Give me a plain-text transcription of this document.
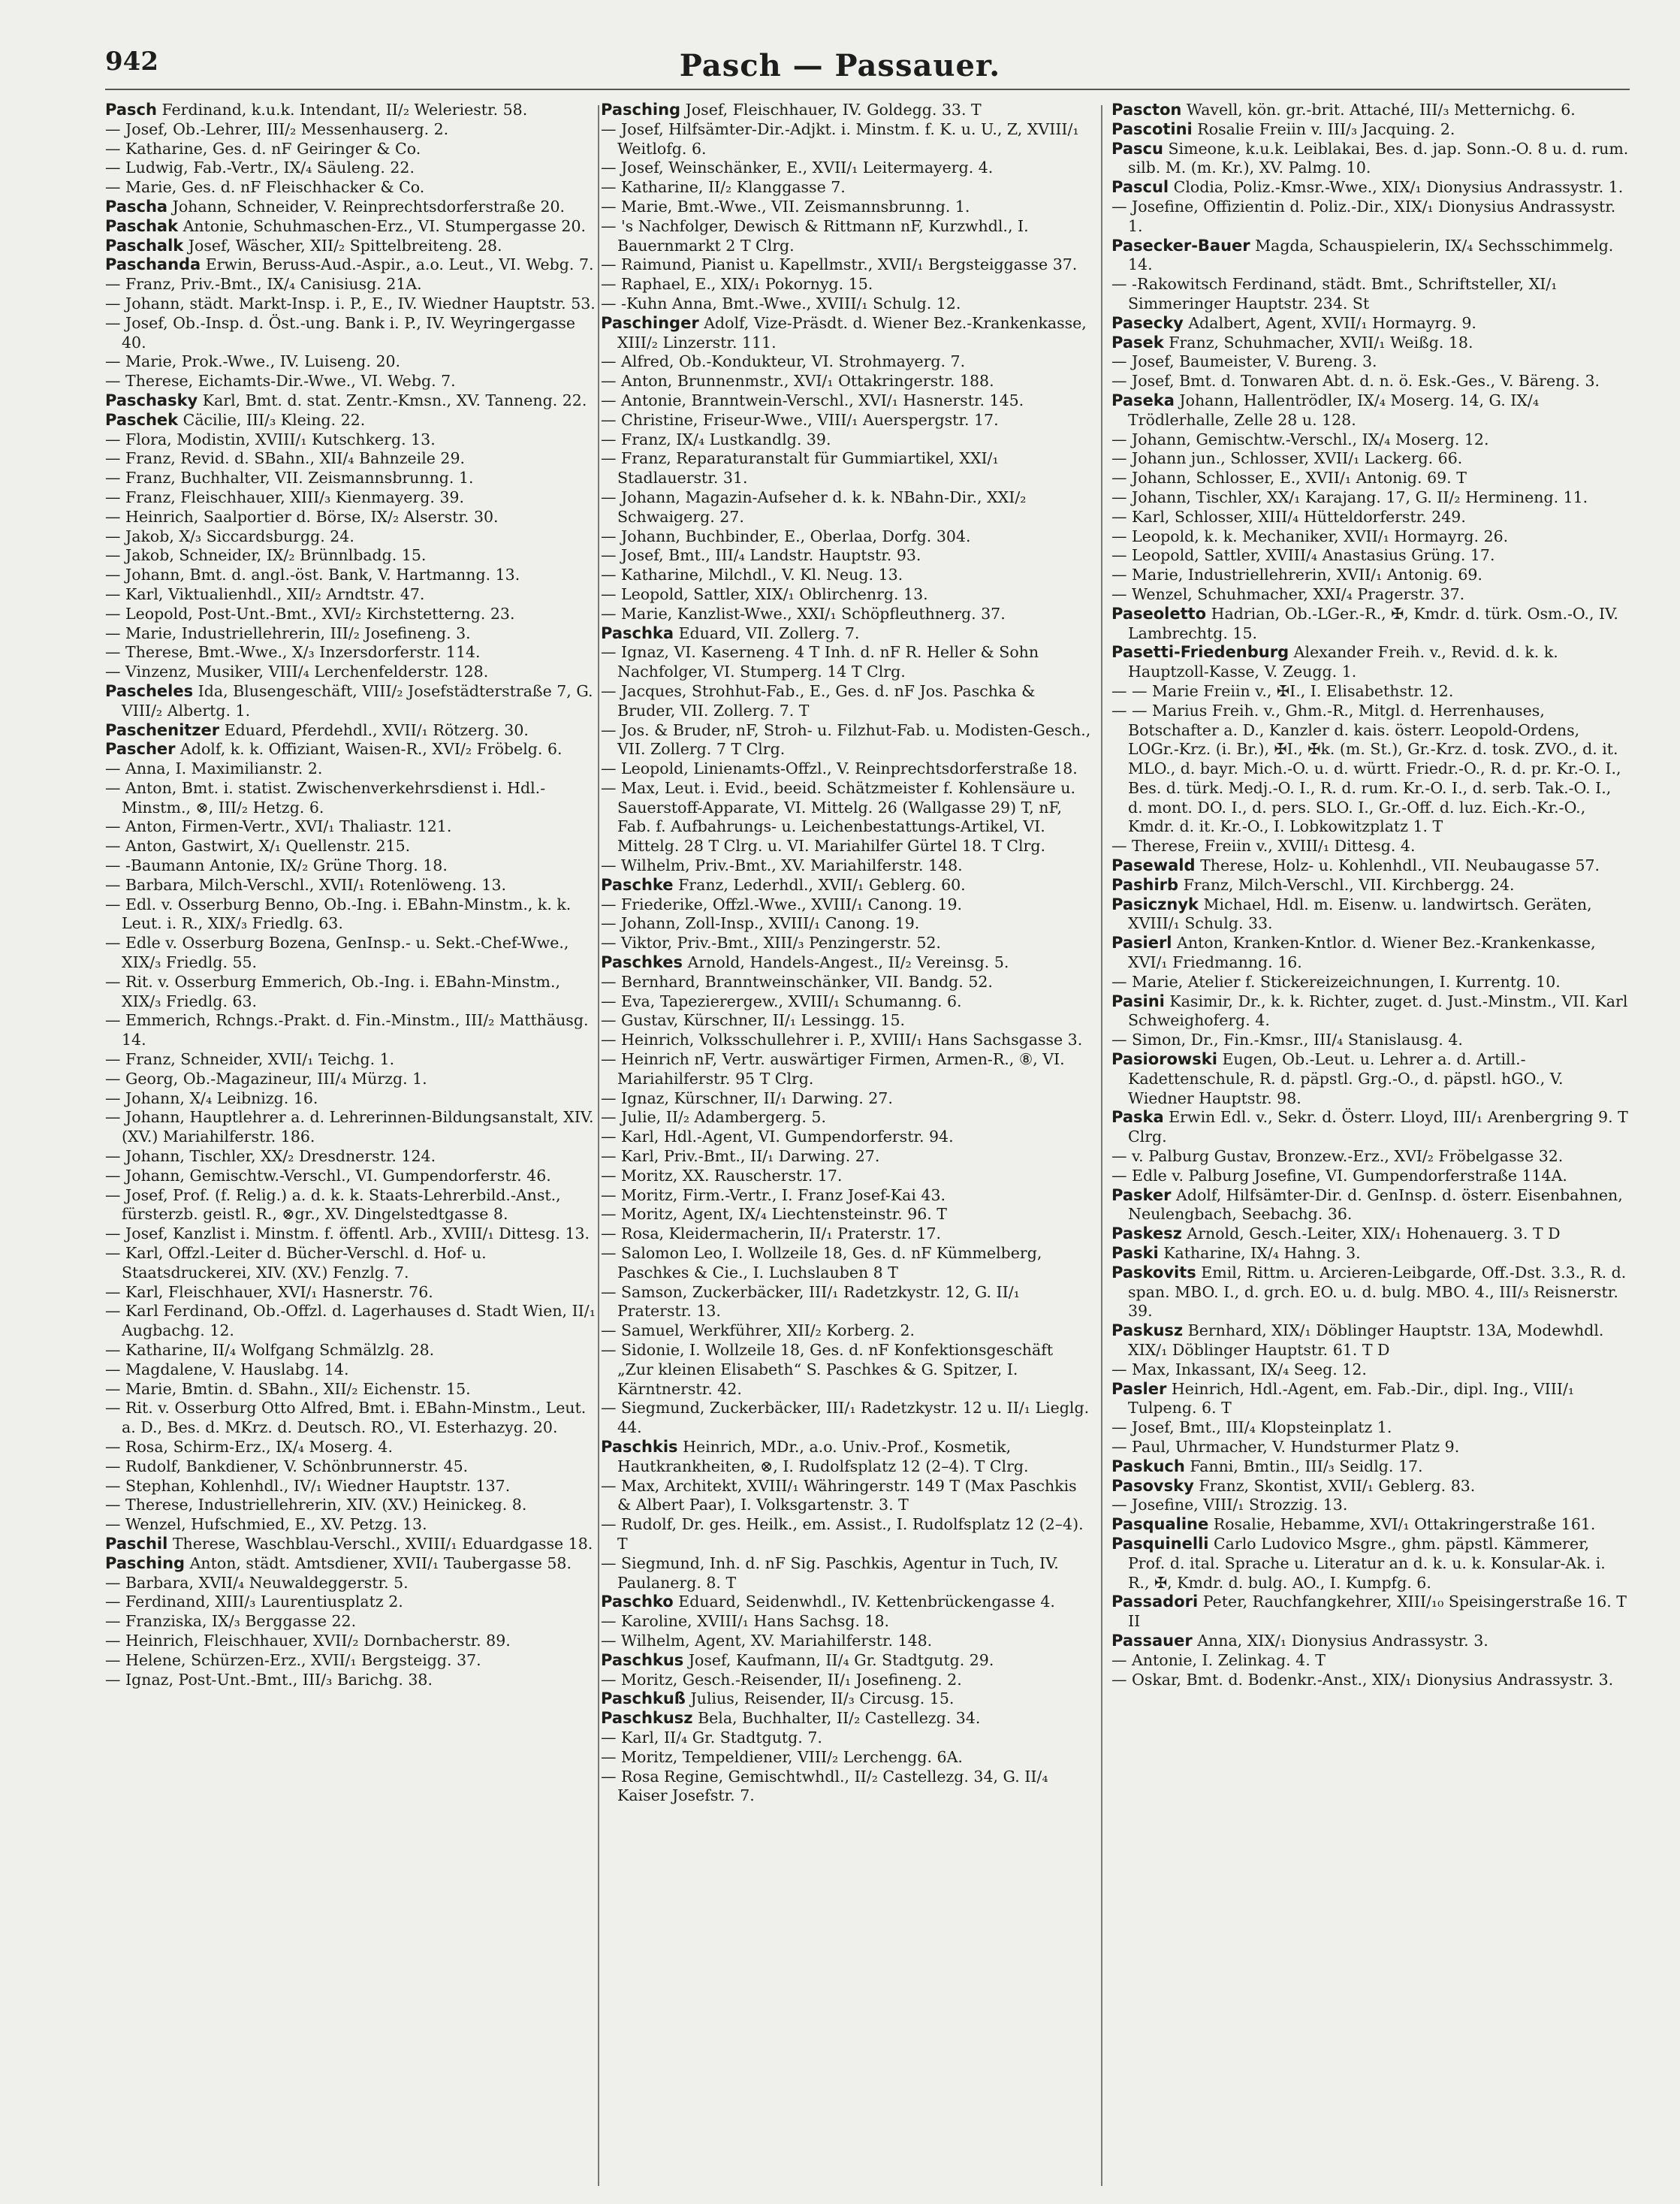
942	Pasch — Passauer.
Pasch Ferdinand, k.u.k. Intendant, II/₂ Weleriestr. 58.
— Josef, Ob.-Lehrer, III/₂ Messenhauserg. 2.
— Katharine, Ges. d. nF Geiringer & Co.
— Ludwig, Fab.-Vertr., IX/₄ Säuleng. 22.
— Marie, Ges. d. nF Fleischhacker & Co.
Pascha Johann, Schneider, V. Reinprechtsdorferstraße 20.
Paschak Antonie, Schuhmaschen-Erz., VI. Stumpergasse 20.
Paschalk Josef, Wäscher, XII/₂ Spittelbreiteng. 28.
Paschanda Erwin, Beruss-Aud.-Aspir., a.o. Leut., VI. Webg. 7.
— Franz, Priv.-Bmt., IX/₄ Canisiusg. 21A.
— Johann, städt. Markt-Insp. i. P., E., IV. Wiedner Hauptstr. 53.
— Josef, Ob.-Insp. d. Öst.-ung. Bank i. P., IV. Weyringergasse 40.
— Marie, Prok.-Wwe., IV. Luiseng. 20.
— Therese, Eichamts-Dir.-Wwe., VI. Webg. 7.
Paschasky Karl, Bmt. d. stat. Zentr.-Kmsn., XV. Tanneng. 22.
Paschek Cäcilie, III/₃ Kleing. 22.
— Flora, Modistin, XVIII/₁ Kutschkerg. 13.
— Franz, Revid. d. SBahn., XII/₄ Bahnzeile 29.
— Franz, Buchhalter, VII. Zeismannsbrunng. 1.
— Franz, Fleischhauer, XIII/₃ Kienmayerg. 39.
— Heinrich, Saalportier d. Börse, IX/₂ Alserstr. 30.
— Jakob, X/₃ Siccardsburgg. 24.
— Jakob, Schneider, IX/₂ Brünnlbadg. 15.
— Johann, Bmt. d. angl.-öst. Bank, V. Hartmanng. 13.
— Karl, Viktualienhdl., XII/₂ Arndtstr. 47.
— Leopold, Post-Unt.-Bmt., XVI/₂ Kirchstetterng. 23.
— Marie, Industriellehrerin, III/₂ Josefineng. 3.
— Therese, Bmt.-Wwe., X/₃ Inzersdorferstr. 114.
— Vinzenz, Musiker, VIII/₄ Lerchenfelderstr. 128.
Pascheles Ida, Blusengeschäft, VIII/₂ Josefstädterstraße 7, G. VIII/₂ Albertg. 1.
Paschenitzer Eduard, Pferdehdl., XVII/₁ Rötzerg. 30.
Pascher Adolf, k. k. Offiziant, Waisen-R., XVI/₂ Fröbelg. 6.
— Anna, I. Maximilianstr. 2.
— Anton, Bmt. i. statist. Zwischenverkehrsdienst i. Hdl.-Minstm., ⊗, III/₂ Hetzg. 6.
— Anton, Firmen-Vertr., XVI/₁ Thaliastr. 121.
— Anton, Gastwirt, X/₁ Quellenstr. 215.
— -Baumann Antonie, IX/₂ Grüne Thorg. 18.
— Barbara, Milch-Verschl., XVII/₁ Rotenlöweng. 13.
— Edl. v. Osserburg Benno, Ob.-Ing. i. EBahn-Minstm., k. k. Leut. i. R., XIX/₃ Friedlg. 63.
— Edle v. Osserburg Bozena, GenInsp.- u. Sekt.-Chef-Wwe., XIX/₃ Friedlg. 55.
— Rit. v. Osserburg Emmerich, Ob.-Ing. i. EBahn-Minstm., XIX/₃ Friedlg. 63.
— Emmerich, Rchngs.-Prakt. d. Fin.-Minstm., III/₂ Matthäusg. 14.
— Franz, Schneider, XVII/₁ Teichg. 1.
— Georg, Ob.-Magazineur, III/₄ Mürzg. 1.
— Johann, X/₄ Leibnizg. 16.
— Johann, Hauptlehrer a. d. Lehrerinnen-Bildungsanstalt, XIV. (XV.) Mariahilferstr. 186.
— Johann, Tischler, XX/₂ Dresdnerstr. 124.
— Johann, Gemischtw.-Verschl., VI. Gumpendorferstr. 46.
— Josef, Prof. (f. Relig.) a. d. k. k. Staats-Lehrerbild.-Anst., fürsterzb. geistl. R., ⊗gr., XV. Dingelstedtgasse 8.
— Josef, Kanzlist i. Minstm. f. öffentl. Arb., XVIII/₁ Dittesg. 13.
— Karl, Offzl.-Leiter d. Bücher-Verschl. d. Hof- u. Staatsdruckerei, XIV. (XV.) Fenzlg. 7.
— Karl, Fleischhauer, XVI/₁ Hasnerstr. 76.
— Karl Ferdinand, Ob.-Offzl. d. Lagerhauses d. Stadt Wien, II/₁ Augbachg. 12.
— Katharine, II/₄ Wolfgang Schmälzlg. 28.
— Magdalene, V. Hauslabg. 14.
— Marie, Bmtin. d. SBahn., XII/₂ Eichenstr. 15.
— Rit. v. Osserburg Otto Alfred, Bmt. i. EBahn-Minstm., Leut. a. D., Bes. d. MKrz. d. Deutsch. RO., VI. Esterhazyg. 20.
— Rosa, Schirm-Erz., IX/₄ Moserg. 4.
— Rudolf, Bankdiener, V. Schönbrunnerstr. 45.
— Stephan, Kohlenhdl., IV/₁ Wiedner Hauptstr. 137.
— Therese, Industriellehrerin, XIV. (XV.) Heinickeg. 8.
— Wenzel, Hufschmied, E., XV. Petzg. 13.
Paschil Therese, Waschblau-Verschl., XVIII/₁ Eduardgasse 18.
Pasching Anton, städt. Amtsdiener, XVII/₁ Taubergasse 58.
— Barbara, XVII/₄ Neuwaldeggerstr. 5.
— Ferdinand, XIII/₃ Laurentiusplatz 2.
— Franziska, IX/₃ Berggasse 22.
— Heinrich, Fleischhauer, XVII/₂ Dornbacherstr. 89.
— Helene, Schürzen-Erz., XVII/₁ Bergsteigg. 37.
— Ignaz, Post-Unt.-Bmt., III/₃ Barichg. 38.
Pasching Josef, Fleischhauer, IV. Goldegg. 33. T
— Josef, Hilfsämter-Dir.-Adjkt. i. Minstm. f. K. u. U., Z, XVIII/₁ Weitlofg. 6.
— Josef, Weinschänker, E., XVII/₁ Leitermayerg. 4.
— Katharine, II/₂ Klanggasse 7.
— Marie, Bmt.-Wwe., VII. Zeismannsbrunng. 1.
— 's Nachfolger, Dewisch & Rittmann nF, Kurzwhdl., I. Bauernmarkt 2 T Clrg.
— Raimund, Pianist u. Kapellmstr., XVII/₁ Bergsteiggasse 37.
— Raphael, E., XIX/₁ Pokornyg. 15.
— -Kuhn Anna, Bmt.-Wwe., XVIII/₁ Schulg. 12.
Paschinger Adolf, Vize-Präsdt. d. Wiener Bez.-Krankenkasse, XIII/₂ Linzerstr. 111.
— Alfred, Ob.-Kondukteur, VI. Strohmayerg. 7.
— Anton, Brunnenmstr., XVI/₁ Ottakringerstr. 188.
— Antonie, Branntwein-Verschl., XVI/₁ Hasnerstr. 145.
— Christine, Friseur-Wwe., VIII/₁ Auerspergstr. 17.
— Franz, IX/₄ Lustkandlg. 39.
— Franz, Reparaturanstalt für Gummiartikel, XXI/₁ Stadlauerstr. 31.
— Johann, Magazin-Aufseher d. k. k. NBahn-Dir., XXI/₂ Schwaigerg. 27.
— Johann, Buchbinder, E., Oberlaa, Dorfg. 304.
— Josef, Bmt., III/₄ Landstr. Hauptstr. 93.
— Katharine, Milchdl., V. Kl. Neug. 13.
— Leopold, Sattler, XIX/₁ Oblirchenrg. 13.
— Marie, Kanzlist-Wwe., XXI/₁ Schöpfleuthnerg. 37.
Paschka Eduard, VII. Zollerg. 7.
— Ignaz, VI. Kaserneng. 4 T Inh. d. nF R. Heller & Sohn Nachfolger, VI. Stumperg. 14 T Clrg.
— Jacques, Strohhut-Fab., E., Ges. d. nF Jos. Paschka & Bruder, VII. Zollerg. 7. T
— Jos. & Bruder, nF, Stroh- u. Filzhut-Fab. u. Modisten-Gesch., VII. Zollerg. 7 T Clrg.
— Leopold, Linienamts-Offzl., V. Reinprechtsdorferstraße 18.
— Max, Leut. i. Evid., beeid. Schätzmeister f. Kohlensäure u. Sauerstoff-Apparate, VI. Mittelg. 26 (Wallgasse 29) T, nF, Fab. f. Aufbahrungs- u. Leichenbestattungs-Artikel, VI. Mittelg. 28 T Clrg. u. VI. Mariahilfer Gürtel 18. T Clrg.
— Wilhelm, Priv.-Bmt., XV. Mariahilferstr. 148.
Paschke Franz, Lederhdl., XVII/₁ Geblerg. 60.
— Friederike, Offzl.-Wwe., XVIII/₁ Canong. 19.
— Johann, Zoll-Insp., XVIII/₁ Canong. 19.
— Viktor, Priv.-Bmt., XIII/₃ Penzingerstr. 52.
Paschkes Arnold, Handels-Angest., II/₂ Vereinsg. 5.
— Bernhard, Branntweinschänker, VII. Bandg. 52.
— Eva, Tapezierergew., XVIII/₁ Schumanng. 6.
— Gustav, Kürschner, II/₁ Lessingg. 15.
— Heinrich, Volksschullehrer i. P., XVIII/₁ Hans Sachsgasse 3.
— Heinrich nF, Vertr. auswärtiger Firmen, Armen-R., ⑧, VI. Mariahilferstr. 95 T Clrg.
— Ignaz, Kürschner, II/₁ Darwing. 27.
— Julie, II/₂ Adambergerg. 5.
— Karl, Hdl.-Agent, VI. Gumpendorferstr. 94.
— Karl, Priv.-Bmt., II/₁ Darwing. 27.
— Moritz, XX. Rauscherstr. 17.
— Moritz, Firm.-Vertr., I. Franz Josef-Kai 43.
— Moritz, Agent, IX/₄ Liechtensteinstr. 96. T
— Rosa, Kleidermacherin, II/₁ Praterstr. 17.
— Salomon Leo, I. Wollzeile 18, Ges. d. nF Kümmelberg, Paschkes & Cie., I. Luchslauben 8 T
— Samson, Zuckerbäcker, III/₁ Radetzkystr. 12, G. II/₁ Praterstr. 13.
— Samuel, Werkführer, XII/₂ Korberg. 2.
— Sidonie, I. Wollzeile 18, Ges. d. nF Konfektionsgeschäft „Zur kleinen Elisabeth“ S. Paschkes & G. Spitzer, I. Kärntnerstr. 42.
— Siegmund, Zuckerbäcker, III/₁ Radetzkystr. 12 u. II/₁ Lieglg. 44.
Paschkis Heinrich, MDr., a.o. Univ.-Prof., Kosmetik, Hautkrankheiten, ⊗, I. Rudolfsplatz 12 (2–4). T Clrg.
— Max, Architekt, XVIII/₁ Währingerstr. 149 T (Max Paschkis & Albert Paar), I. Volksgartenstr. 3. T
— Rudolf, Dr. ges. Heilk., em. Assist., I. Rudolfsplatz 12 (2–4). T
— Siegmund, Inh. d. nF Sig. Paschkis, Agentur in Tuch, IV. Paulanerg. 8. T
Paschko Eduard, Seidenwhdl., IV. Kettenbrückengasse 4.
— Karoline, XVIII/₁ Hans Sachsg. 18.
— Wilhelm, Agent, XV. Mariahilferstr. 148.
Paschkus Josef, Kaufmann, II/₄ Gr. Stadtgutg. 29.
— Moritz, Gesch.-Reisender, II/₁ Josefineng. 2.
Paschkuß Julius, Reisender, II/₃ Circusg. 15.
Paschkusz Bela, Buchhalter, II/₂ Castellezg. 34.
— Karl, II/₄ Gr. Stadtgutg. 7.
— Moritz, Tempeldiener, VIII/₂ Lerchengg. 6A.
— Rosa Regine, Gemischtwhdl., II/₂ Castellezg. 34, G. II/₄ Kaiser Josefstr. 7.
Pascton Wavell, kön. gr.-brit. Attaché, III/₃ Metternichg. 6.
Pascotini Rosalie Freiin v. III/₃ Jacquing. 2.
Pascu Simeone, k.u.k. Leiblakai, Bes. d. jap. Sonn.-O. 8 u. d. rum. silb. M. (m. Kr.), XV. Palmg. 10.
Pascul Clodia, Poliz.-Kmsr.-Wwe., XIX/₁ Dionysius Andrassystr. 1.
— Josefine, Offizientin d. Poliz.-Dir., XIX/₁ Dionysius Andrassystr. 1.
Pasecker-Bauer Magda, Schauspielerin, IX/₄ Sechsschimmelg. 14.
— -Rakowitsch Ferdinand, städt. Bmt., Schriftsteller, XI/₁ Simmeringer Hauptstr. 234. St
Pasecky Adalbert, Agent, XVII/₁ Hormayrg. 9.
Pasek Franz, Schuhmacher, XVII/₁ Weißg. 18.
— Josef, Baumeister, V. Bureng. 3.
— Josef, Bmt. d. Tonwaren Abt. d. n. ö. Esk.-Ges., V. Bäreng. 3.
Paseka Johann, Hallentrödler, IX/₄ Moserg. 14, G. IX/₄ Trödlerhalle, Zelle 28 u. 128.
— Johann, Gemischtw.-Verschl., IX/₄ Moserg. 12.
— Johann jun., Schlosser, XVII/₁ Lackerg. 66.
— Johann, Schlosser, E., XVII/₁ Antonig. 69. T
— Johann, Tischler, XX/₁ Karajang. 17, G. II/₂ Hermineng. 11.
— Karl, Schlosser, XIII/₄ Hütteldorferstr. 249.
— Leopold, k. k. Mechaniker, XVII/₁ Hormayrg. 26.
— Leopold, Sattler, XVIII/₄ Anastasius Grüng. 17.
— Marie, Industriellehrerin, XVII/₁ Antonig. 69.
— Wenzel, Schuhmacher, XXI/₄ Pragerstr. 37.
Paseoletto Hadrian, Ob.-LGer.-R., ✠, Kmdr. d. türk. Osm.-O., IV. Lambrechtg. 15.
Pasetti-Friedenburg Alexander Freih. v., Revid. d. k. k. Hauptzoll-Kasse, V. Zeugg. 1.
— — Marie Freiin v., ✠I., I. Elisabethstr. 12.
— — Marius Freih. v., Ghm.-R., Mitgl. d. Herrenhauses, Botschafter a. D., Kanzler d. kais. österr. Leopold-Ordens, LOGr.-Krz. (i. Br.), ✠I., ✠k. (m. St.), Gr.-Krz. d. tosk. ZVO., d. it. MLO., d. bayr. Mich.-O. u. d. württ. Friedr.-O., R. d. pr. Kr.-O. I., Bes. d. türk. Medj.-O. I., R. d. rum. Kr.-O. I., d. serb. Tak.-O. I., d. mont. DO. I., d. pers. SLO. I., Gr.-Off. d. luz. Eich.-Kr.-O., Kmdr. d. it. Kr.-O., I. Lobkowitzplatz 1. T
— Therese, Freiin v., XVIII/₁ Dittesg. 4.
Pasewald Therese, Holz- u. Kohlenhdl., VII. Neubaugasse 57.
Pashirb Franz, Milch-Verschl., VII. Kirchbergg. 24.
Pasicznyk Michael, Hdl. m. Eisenw. u. landwirtsch. Geräten, XVIII/₁ Schulg. 33.
Pasierl Anton, Kranken-Kntlor. d. Wiener Bez.-Krankenkasse, XVI/₁ Friedmanng. 16.
— Marie, Atelier f. Stickereizeichnungen, I. Kurrentg. 10.
Pasini Kasimir, Dr., k. k. Richter, zuget. d. Just.-Minstm., VII. Karl Schweighoferg. 4.
— Simon, Dr., Fin.-Kmsr., III/₄ Stanislausg. 4.
Pasiorowski Eugen, Ob.-Leut. u. Lehrer a. d. Artill.-Kadettenschule, R. d. päpstl. Grg.-O., d. päpstl. hGO., V. Wiedner Hauptstr. 98.
Paska Erwin Edl. v., Sekr. d. Österr. Lloyd, III/₁ Arenbergring 9. T Clrg.
— v. Palburg Gustav, Bronzew.-Erz., XVI/₂ Fröbelgasse 32.
— Edle v. Palburg Josefine, VI. Gumpendorferstraße 114A.
Pasker Adolf, Hilfsämter-Dir. d. GenInsp. d. österr. Eisenbahnen, Neulengbach, Seebachg. 36.
Paskesz Arnold, Gesch.-Leiter, XIX/₁ Hohenauerg. 3. T D
Paski Katharine, IX/₄ Hahng. 3.
Paskovits Emil, Rittm. u. Arcieren-Leibgarde, Off.-Dst. 3.3., R. d. span. MBO. I., d. grch. EO. u. d. bulg. MBO. 4., III/₃ Reisnerstr. 39.
Paskusz Bernhard, XIX/₁ Döblinger Hauptstr. 13A, Modewhdl. XIX/₁ Döblinger Hauptstr. 61. T D
— Max, Inkassant, IX/₄ Seeg. 12.
Pasler Heinrich, Hdl.-Agent, em. Fab.-Dir., dipl. Ing., VIII/₁ Tulpeng. 6. T
— Josef, Bmt., III/₄ Klopsteinplatz 1.
— Paul, Uhrmacher, V. Hundsturmer Platz 9.
Paskuch Fanni, Bmtin., III/₃ Seidlg. 17.
Pasovsky Franz, Skontist, XVII/₁ Geblerg. 83.
— Josefine, VIII/₁ Strozzig. 13.
Pasqualine Rosalie, Hebamme, XVI/₁ Ottakringerstraße 161.
Pasquinelli Carlo Ludovico Msgre., ghm. päpstl. Kämmerer, Prof. d. ital. Sprache u. Literatur an d. k. u. k. Konsular-Ak. i. R., ✠, Kmdr. d. bulg. AO., I. Kumpfg. 6.
Passadori Peter, Rauchfangkehrer, XIII/₁₀ Speisingerstraße 16. T II
Passauer Anna, XIX/₁ Dionysius Andrassystr. 3.
— Antonie, I. Zelinkag. 4. T
— Oskar, Bmt. d. Bodenkr.-Anst., XIX/₁ Dionysius Andrassystr. 3.
